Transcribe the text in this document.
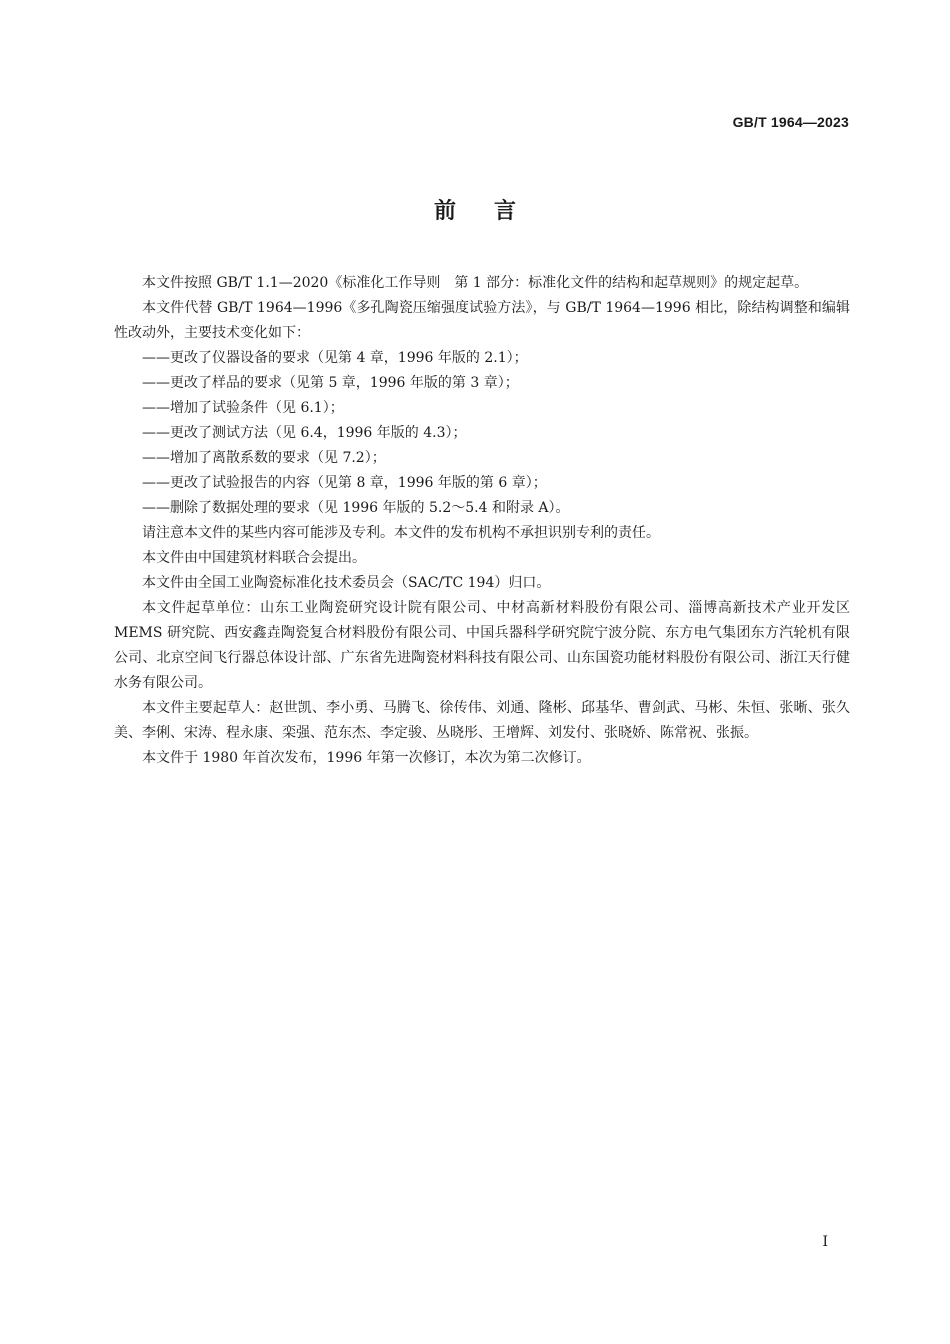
GB/T 1964—2023
前言

本文件按照 GB/T 1.1—2020《标准化工作导则　第 1 部分：标准化文件的结构和起草规则》的规定起草。

本文件代替 GB/T 1964—1996《多孔陶瓷压缩强度试验方法》，与 GB/T 1964—1996 相比，除结构调整和编辑性改动外，主要技术变化如下：

——更改了仪器设备的要求（见第 4 章，1996 年版的 2.1）；

——更改了样品的要求（见第 5 章，1996 年版的第 3 章）；

——增加了试验条件（见 6.1）；

——更改了测试方法（见 6.4，1996 年版的 4.3）；

——增加了离散系数的要求（见 7.2）；

——更改了试验报告的内容（见第 8 章，1996 年版的第 6 章）；

——删除了数据处理的要求（见 1996 年版的 5.2～5.4 和附录 A）。

请注意本文件的某些内容可能涉及专利。本文件的发布机构不承担识别专利的责任。

本文件由中国建筑材料联合会提出。

本文件由全国工业陶瓷标准化技术委员会（SAC/TC 194）归口。

本文件起草单位：山东工业陶瓷研究设计院有限公司、中材高新材料股份有限公司、淄博高新技术产业开发区 MEMS 研究院、西安鑫垚陶瓷复合材料股份有限公司、中国兵器科学研究院宁波分院、东方电气集团东方汽轮机有限公司、北京空间飞行器总体设计部、广东省先进陶瓷材料科技有限公司、山东国瓷功能材料股份有限公司、浙江天行健水务有限公司。

本文件主要起草人：赵世凯、李小勇、马腾飞、徐传伟、刘通、隆彬、邱基华、曹剑武、马彬、朱恒、张晰、张久美、李俐、宋涛、程永康、栾强、范东杰、李定骏、丛晓彤、王增辉、刘发付、张晓娇、陈常祝、张振。

本文件于 1980 年首次发布，1996 年第一次修订，本次为第二次修订。

I
